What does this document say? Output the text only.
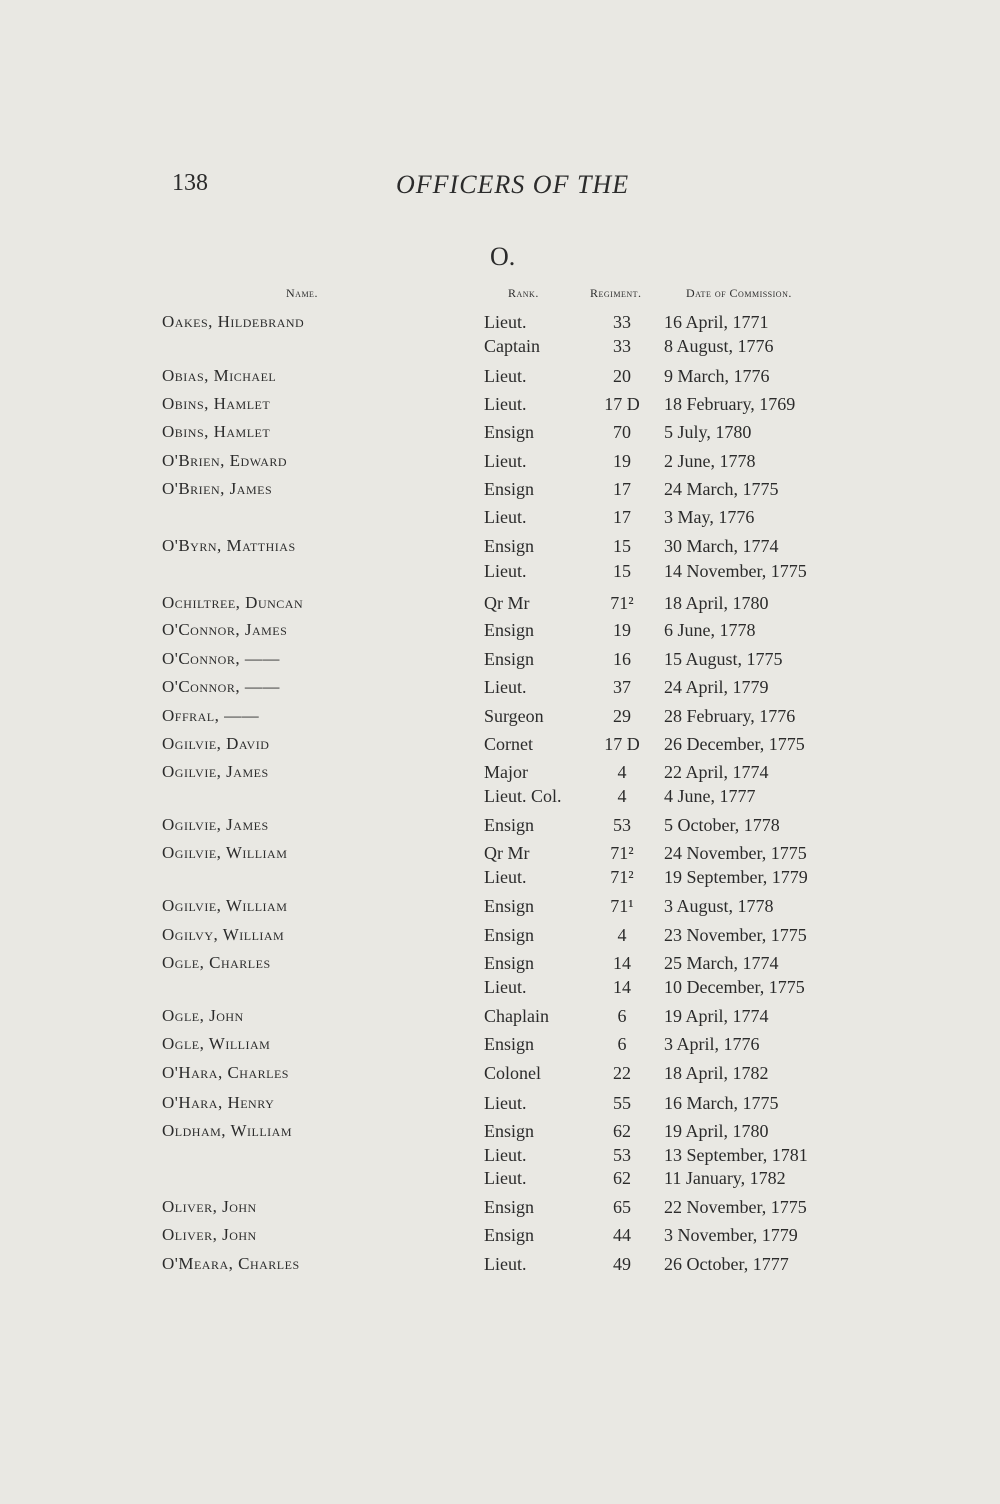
138	OFFICERS OF THE
O.
Name.	Rank.	Regiment.	Date of Commission.
Oakes, Hildebrand	Lieut.	33	16 April, 1771
Captain	33	8 August, 1776
Obias, Michael	Lieut.	20	9 March, 1776
Obins, Hamlet	Lieut.	17 D	18 February, 1769
Obins, Hamlet	Ensign	70	5 July, 1780
O'Brien, Edward	Lieut.	19	2 June, 1778
O'Brien, James	Ensign	17	24 March, 1775
Lieut.	17	3 May, 1776
O'Byrn, Matthias	Ensign	15	30 March, 1774
Lieut.	15	14 November, 1775
Ochiltree, Duncan	Qr Mr	71²	18 April, 1780
O'Connor, James	Ensign	19	6 June, 1778
O'Connor, ——	Ensign	16	15 August, 1775
O'Connor, ——	Lieut.	37	24 April, 1779
Offral, ——	Surgeon	29	28 February, 1776
Ogilvie, David	Cornet	17 D	26 December, 1775
Ogilvie, James	Major	4	22 April, 1774
Lieut. Col.	4	4 June, 1777
Ogilvie, James	Ensign	53	5 October, 1778
Ogilvie, William	Qr Mr	71²	24 November, 1775
Lieut.	71²	19 September, 1779
Ogilvie, William	Ensign	71¹	3 August, 1778
Ogilvy, William	Ensign	4	23 November, 1775
Ogle, Charles	Ensign	14	25 March, 1774
Lieut.	14	10 December, 1775
Ogle, John	Chaplain	6	19 April, 1774
Ogle, William	Ensign	6	3 April, 1776
O'Hara, Charles	Colonel	22	18 April, 1782
O'Hara, Henry	Lieut.	55	16 March, 1775
Oldham, William	Ensign	62	19 April, 1780
Lieut.	53	13 September, 1781
Lieut.	62	11 January, 1782
Oliver, John	Ensign	65	22 November, 1775
Oliver, John	Ensign	44	3 November, 1779
O'Meara, Charles	Lieut.	49	26 October, 1777
